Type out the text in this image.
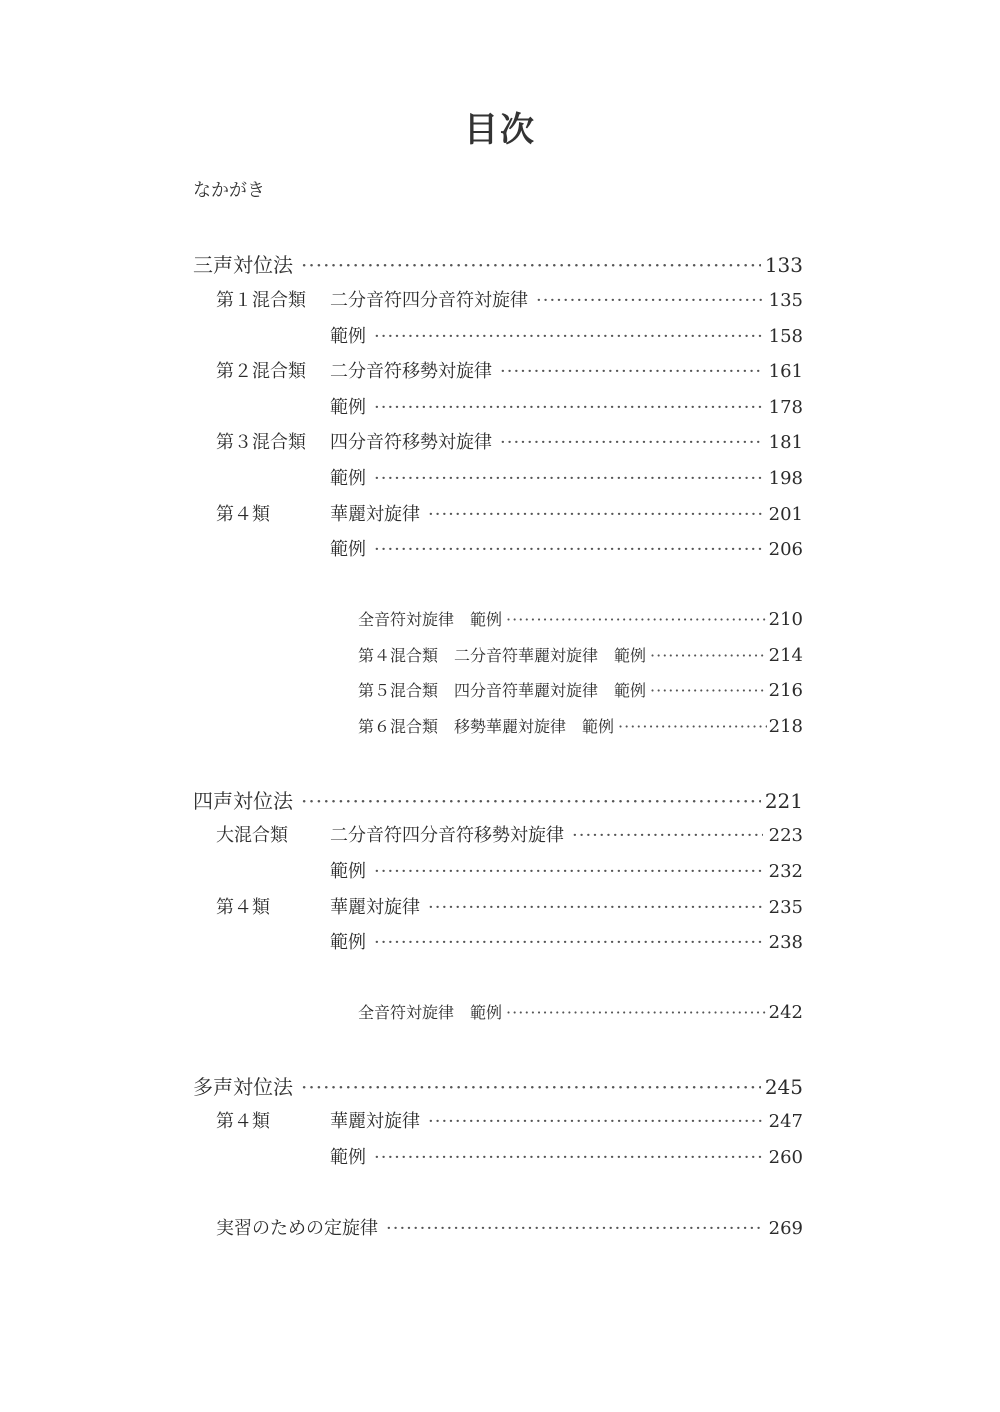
目次
なかがき
三声対位法 ·····	133
第１混合類	二分音符四分音符対旋律 ·····	135
範例 ·····	158
第２混合類	二分音符移勢対旋律 ·····	161
範例 ·····	178
第３混合類	四分音符移勢対旋律 ·····	181
範例 ·····	198
第４類	華麗対旋律 ·····	201
範例 ·····	206
全音符対旋律 範例 ·····	210
第４混合類 二分音符華麗対旋律 範例 ·····	214
第５混合類 四分音符華麗対旋律 範例 ·····	216
第６混合類 移勢華麗対旋律 範例 ·····	218
四声対位法 ·····	221
大混合類	二分音符四分音符移勢対旋律 ·····	223
範例 ·····	232
第４類	華麗対旋律 ·····	235
範例 ·····	238
全音符対旋律 範例 ·····	242
多声対位法 ·····	245
第４類	華麗対旋律 ·····	247
範例 ·····	260
実習のための定旋律 ·····	269
